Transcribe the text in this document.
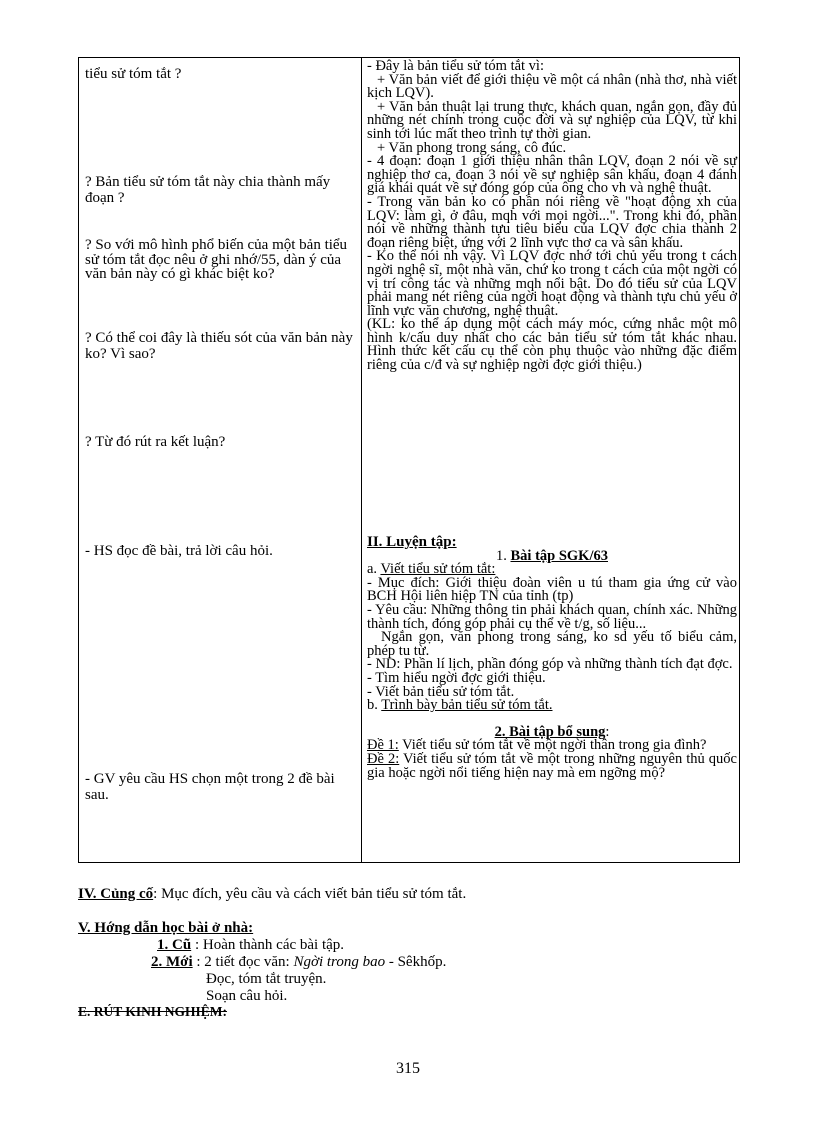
tiểu sử tóm tắt ?

? Bản tiểu sử tóm tắt này chia thành mấy đoạn ?

? So với mô hình phổ biến của một bản tiểu sử tóm tắt đọc nêu ở ghi nhớ/55, dàn ý của văn bản này có gì khác biệt ko?

? Có thể coi đây là thiếu sót của văn bản này ko? Vì sao?

? Từ đó rút ra kết luận?

- HS đọc đề bài, trả lời câu hỏi.

- GV yêu cầu HS chọn một trong 2 đề bài sau.

- Đây là bản tiểu sử tóm tắt vì:

+ Văn bản viết để giới thiệu về một cá nhân (nhà thơ, nhà viết kịch LQV).

+ Văn bản thuật lại trung thực, khách quan, ngắn gọn, đầy đủ những nét chính trong cuộc đời và sự nghiệp của LQV, từ khi sinh tới lúc mất theo trình tự thời gian.

+ Văn phong trong sáng, cô đúc.

- 4 đoạn: đoạn 1 giới thiệu nhân thân LQV, đoạn 2 nói về sự nghiệp thơ ca, đoạn 3 nói về sự nghiệp sân khấu, đoạn 4 đánh giá khái quát về sự đóng góp của ông cho vh và nghệ thuật.

- Trong văn bản ko có phần nói riêng về "hoạt động xh của LQV: làm gì, ở đâu, mqh với mọi ngời...". Trong khi đó, phần nói về những thành tựu tiêu biểu của LQV đợc chia thành 2 đoạn riêng biệt, ứng với 2 lĩnh vực thơ ca và sân khấu.

- Ko thể nói nh vậy. Vì LQV đợc nhớ tới chủ yếu trong t cách ngời nghệ sĩ, một nhà văn, chứ ko trong t cách của một ngời có vị trí công tác và những mqh nổi bật. Do đó tiểu sử của LQV phải mang nét riêng của ngời hoạt động và thành tựu chủ yếu ở lĩnh vực văn chương, nghệ thuật.

(KL: ko thể áp dụng một cách máy móc, cứng nhắc một mô hình k/cấu duy nhất cho các bản tiểu sử tóm tắt khác nhau. Hình thức kết cấu cụ thể còn phụ thuộc vào những đặc điểm riêng của c/đ và sự nghiệp ngời đợc giới thiệu.)

II. Luyện tập:

1. Bài tập SGK/63

a. Viết tiểu sử tóm tắt:

- Mục đích: Giới thiệu đoàn viên u tú tham gia ứng cử vào BCH Hội liên hiệp TN của tỉnh (tp)

- Yêu cầu: Những thông tin phải khách quan, chính xác. Những thành tích, đóng góp phải cụ thể về t/g, số liệu...

Ngắn gọn, văn phong trong sáng, ko sd yếu tố biểu cảm, phép tu từ.

- ND: Phần lí lịch, phần đóng góp và những thành tích đạt đợc.

- Tìm hiểu ngời đợc giới thiệu.

- Viết bản tiểu sử tóm tắt.

b. Trình bày bản tiểu sử tóm tắt.

2. Bài tập bổ sung:

Đề 1: Viết tiểu sử tóm tắt về một ngời thân trong gia đình?

Đề 2: Viết tiểu sử tóm tắt về một trong những nguyên thủ quốc gia hoặc ngời nổi tiếng hiện nay mà em ngỡng mộ?

IV. Củng cố: Mục đích, yêu cầu và cách viết bản tiểu sử tóm tắt.
V. Hớng dẫn học bài ở nhà:
1. Cũ : Hoàn thành các bài tập.
2. Mới : 2 tiết đọc văn: Ngời trong bao - Sêkhốp.
Đọc, tóm tắt truyện.
Soạn câu hỏi.
E. RÚT KINH NGHIỆM:
315
